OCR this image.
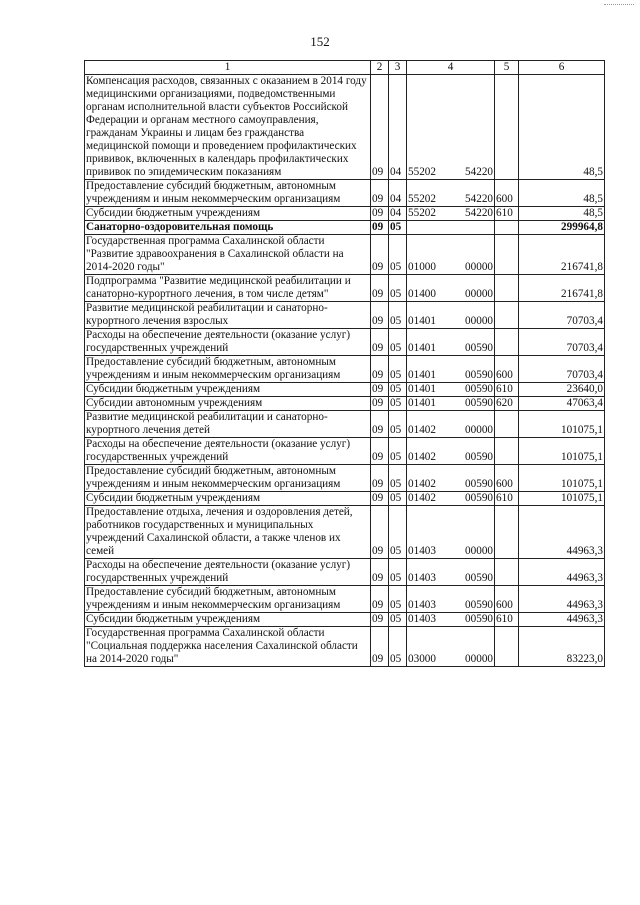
152
1	2	3	4	5	6
Компенсация расходов, связанных с оказанием в 2014 году медицинскими организациями, подведомственными органам исполнительной власти субъектов Российской Федерации и органам местного самоуправления, гражданам Украины и лицам без гражданства медицинской помощи и проведением профилактических прививок, включенных в календарь профилактических прививок по эпидемическим показаниям	09	04	55202 54220		48,5
Предоставление субсидий бюджетным, автономным учреждениям и иным некоммерческим организациям	09	04	55202 54220	600	48,5
Субсидии бюджетным учреждениям	09	04	55202 54220	610	48,5
Санаторно-оздоровительная помощь	09	05			299964,8
Государственная программа Сахалинской области "Развитие здравоохранения в Сахалинской области на 2014-2020 годы"	09	05	01000 00000		216741,8
Подпрограмма "Развитие медицинской реабилитации и санаторно-курортного лечения, в том числе детям"	09	05	01400 00000		216741,8
Развитие медицинской реабилитации и санаторно-курортного лечения взрослых	09	05	01401 00000		70703,4
Расходы на обеспечение деятельности (оказание услуг) государственных учреждений	09	05	01401 00590		70703,4
Предоставление субсидий бюджетным, автономным учреждениям и иным некоммерческим организациям	09	05	01401 00590	600	70703,4
Субсидии бюджетным учреждениям	09	05	01401 00590	610	23640,0
Субсидии автономным учреждениям	09	05	01401 00590	620	47063,4
Развитие медицинской реабилитации и санаторно-курортного лечения детей	09	05	01402 00000		101075,1
Расходы на обеспечение деятельности (оказание услуг) государственных учреждений	09	05	01402 00590		101075,1
Предоставление субсидий бюджетным, автономным учреждениям и иным некоммерческим организациям	09	05	01402 00590	600	101075,1
Субсидии бюджетным учреждениям	09	05	01402 00590	610	101075,1
Предоставление отдыха, лечения и оздоровления детей, работников государственных и муниципальных учреждений Сахалинской области, а также членов их семей	09	05	01403 00000		44963,3
Расходы на обеспечение деятельности (оказание услуг) государственных учреждений	09	05	01403 00590		44963,3
Предоставление субсидий бюджетным, автономным учреждениям и иным некоммерческим организациям	09	05	01403 00590	600	44963,3
Субсидии бюджетным учреждениям	09	05	01403 00590	610	44963,3
Государственная программа Сахалинской области "Социальная поддержка населения Сахалинской области на 2014-2020 годы"	09	05	03000 00000		83223,0
